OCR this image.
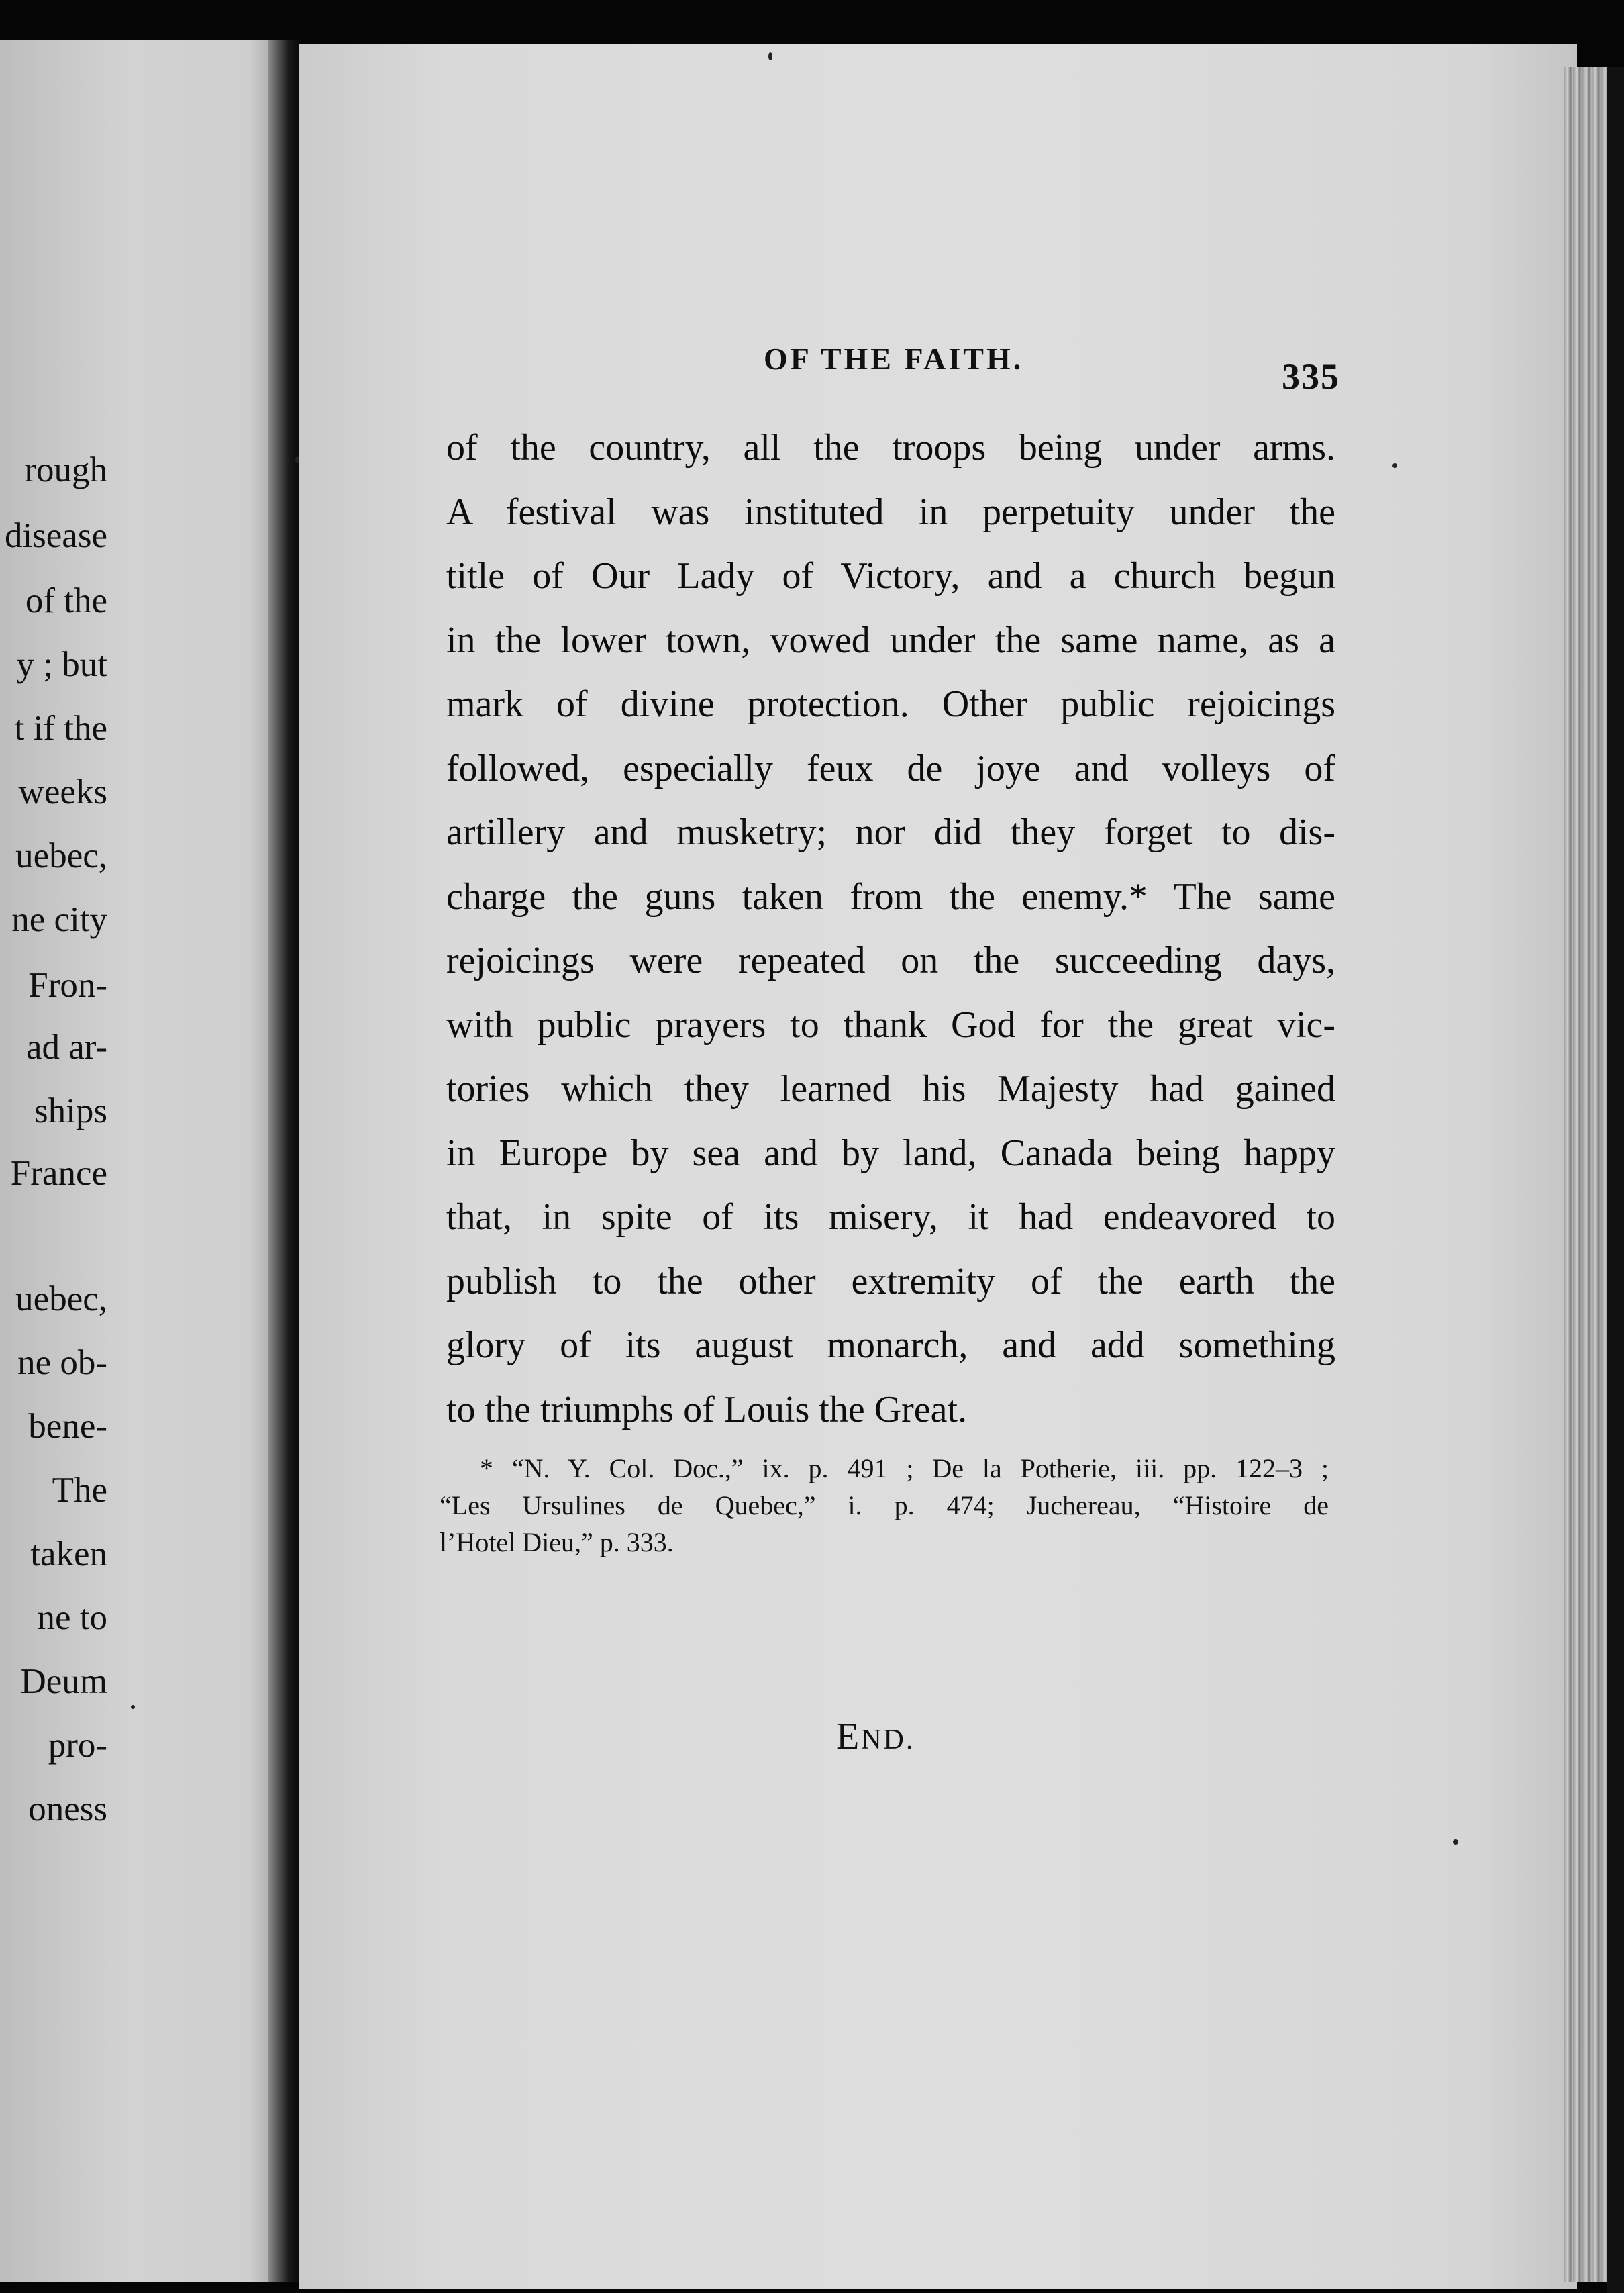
rough
disease
of the
y ; but
t if the
weeks
uebec,
ne city
Fron-
ad ar-
ships
France
uebec,
ne ob-
bene-
The
taken
ne to
Deum
pro-
oness
OF THE FAITH.	335
of the country, all the troops being under arms.
A festival was instituted in perpetuity under the
title of Our Lady of Victory, and a church begun
in the lower town, vowed under the same name, as a
mark of divine protection. Other public rejoicings
followed, especially feux de joye and volleys of
artillery and musketry; nor did they forget to dis-
charge the guns taken from the enemy.* The same
rejoicings were repeated on the succeeding days,
with public prayers to thank God for the great vic-
tories which they learned his Majesty had gained
in Europe by sea and by land, Canada being happy
that, in spite of its misery, it had endeavored to
publish to the other extremity of the earth the
glory of its august monarch, and add something
to the triumphs of Louis the Great.
* “N. Y. Col. Doc.,” ix. p. 491 ; De la Potherie, iii. pp. 122–3 ;
“Les Ursulines de Quebec,” i. p. 474; Juchereau, “Histoire de
l’Hotel Dieu,” p. 333.
END.
